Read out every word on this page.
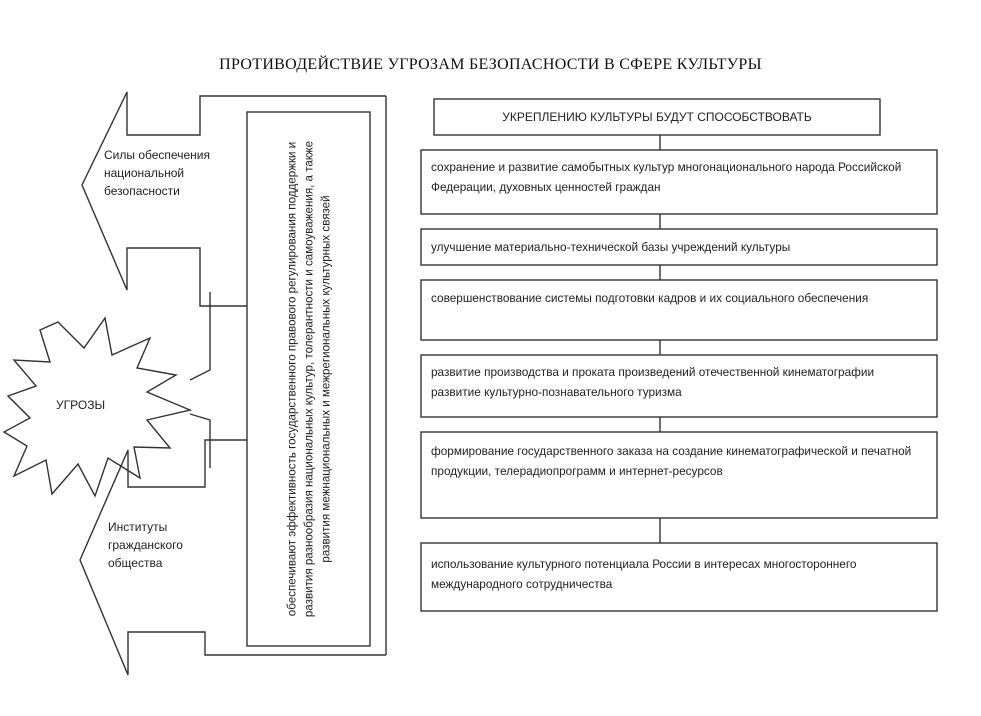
ПРОТИВОДЕЙСТВИЕ УГРОЗАМ БЕЗОПАСНОСТИ В СФЕРЕ КУЛЬТУРЫ
Силы обеспечения
национальной
безопасности
Институты
гражданского
общества
УГРОЗЫ	обеспечивают эффективность государственного правового регулирования поддержки и развития разнообразия национальных культур, толерантности и самоуважения, а также развития межнациональных и межрегиональных культурных связей
УКРЕПЛЕНИЮ КУЛЬТУРЫ БУДУТ СПОСОБСТВОВАТЬ
сохранение и развитие самобытных культур многонационального народа Российской Федерации, духовных ценностей граждан
улучшение материально-технической базы учреждений культуры
совершенствование системы подготовки кадров и их социального обеспечения
развитие производства и проката произведений отечественной кинематографии развитие культурно-познавательного туризма
формирование государственного заказа на создание кинематографической и печатной продукции, телерадиопрограмм и интернет-ресурсов
использование культурного потенциала России в интересах многостороннего международного сотрудничества
